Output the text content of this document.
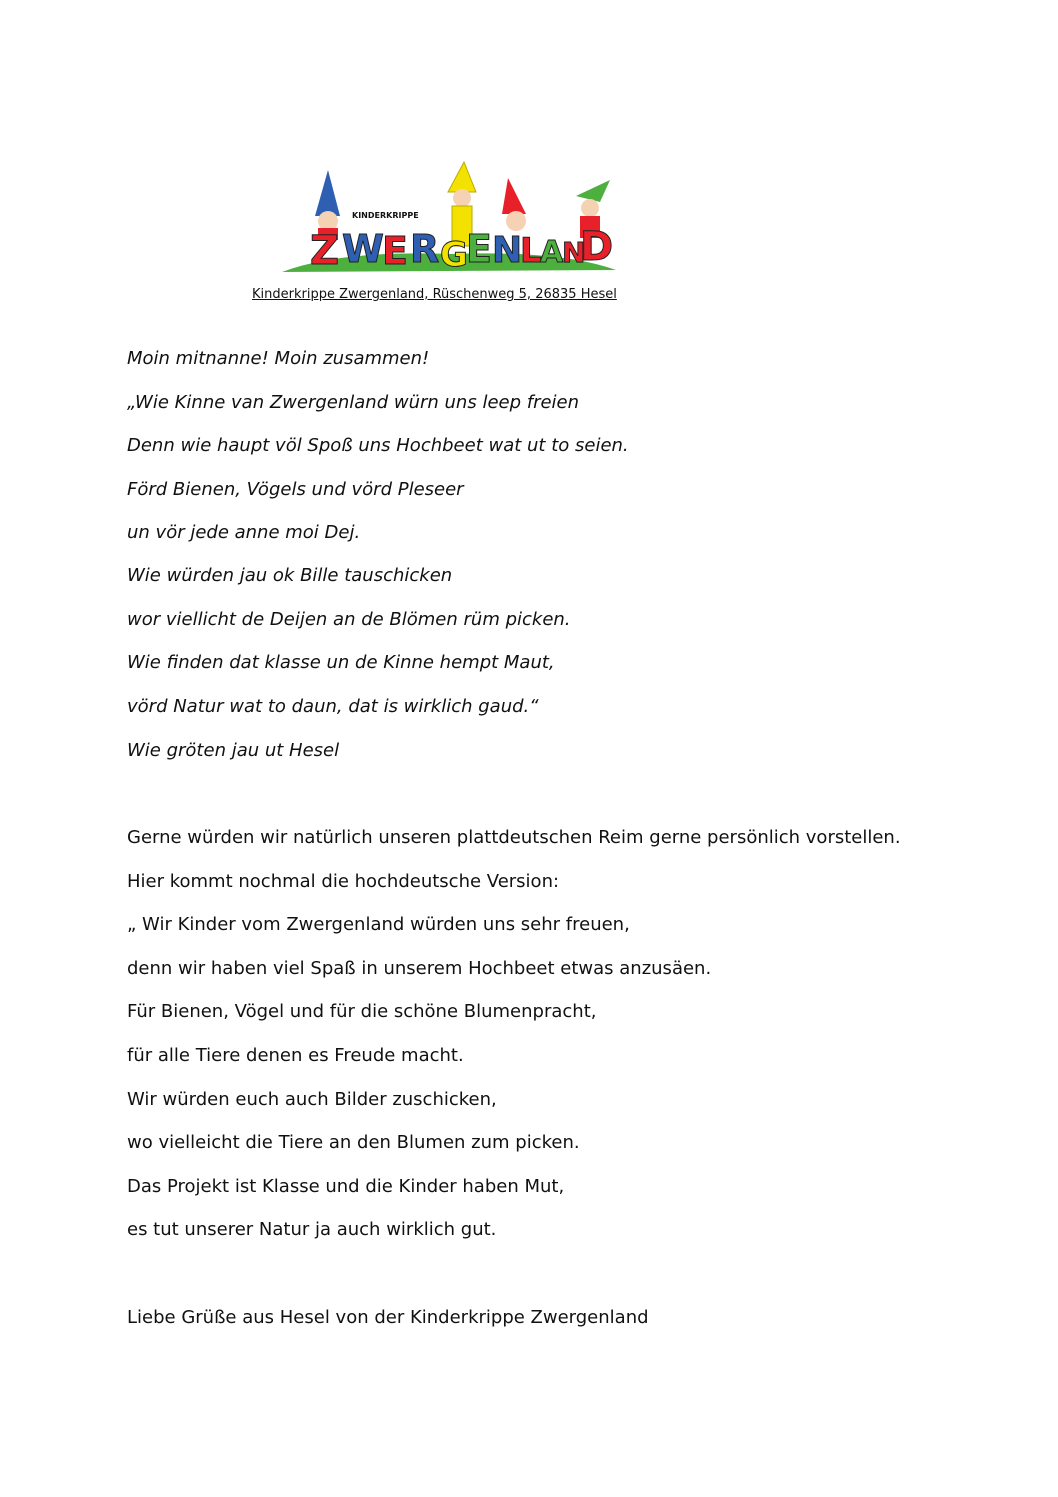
KINDERKRIPPE
Z W
E R G
E N
L
A
N
D
Kinderkrippe Zwergenland, Rüschenweg 5, 26835 Hesel
Moin mitnanne! Moin zusammen!
„Wie Kinne van Zwergenland würn uns leep freien
Denn wie haupt völ Spoß uns Hochbeet wat ut to seien.
Förd Bienen, Vögels und vörd Pleseer
un vör jede anne moi Dej.
Wie würden jau ok Bille tauschicken
wor viellicht de Deijen an de Blömen rüm picken.
Wie finden dat klasse un de Kinne hempt Maut,
vörd Natur wat to daun, dat is wirklich gaud.“
Wie gröten jau ut Hesel
Gerne würden wir natürlich unseren plattdeutschen Reim gerne persönlich vorstellen.
Hier kommt nochmal die hochdeutsche Version:
„ Wir Kinder vom Zwergenland würden uns sehr freuen,
denn wir haben viel Spaß in unserem Hochbeet etwas anzusäen.
Für Bienen, Vögel und für die schöne Blumenpracht,
für alle Tiere denen es Freude macht.
Wir würden euch auch Bilder zuschicken,
wo vielleicht die Tiere an den Blumen zum picken.
Das Projekt ist Klasse und die Kinder haben Mut,
es tut unserer Natur ja auch wirklich gut.
Liebe Grüße aus Hesel von der Kinderkrippe Zwergenland
